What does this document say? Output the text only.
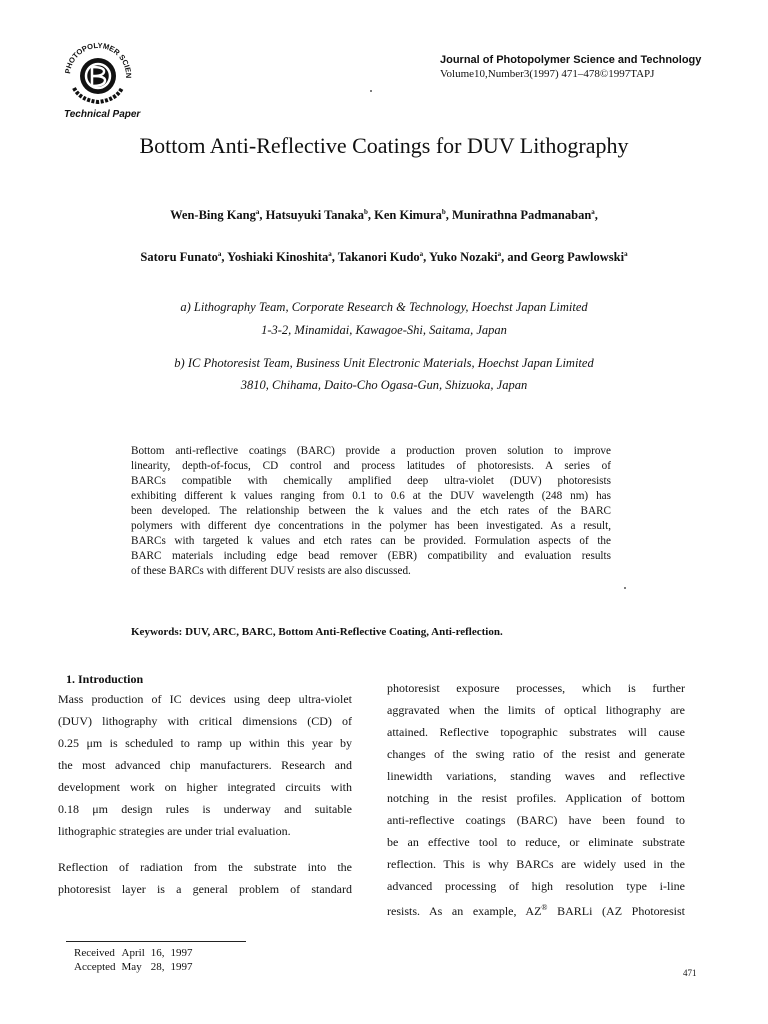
PHOTOPOLYMER SCIEN
Technical Paper
Journal of Photopolymer Science and Technology
Volume10,Number3(1997) 471–478©1997TAPJ
Bottom Anti-Reflective Coatings for DUV Lithography
Wen-Bing Kang$^a$, Hatsuyuki Tanaka$^b$, Ken Kimura$^b$, Munirathna Padmanaban$^a$,
Satoru Funato$^a$, Yoshiaki Kinoshita$^a$, Takanori Kudo$^a$, Yuko Nozaki$^a$, and Georg Pawlowski$^a$
a) Lithography Team, Corporate Research & Technology, Hoechst Japan Limited
1-3-2, Minamidai, Kawagoe-Shi, Saitama, Japan
b) IC Photoresist Team, Business Unit Electronic Materials, Hoechst Japan Limited
3810, Chihama, Daito-Cho Ogasa-Gun, Shizuoka, Japan
Bottom anti-reflective coatings (BARC) provide a production proven solution to improve
linearity, depth-of-focus, CD control and process latitudes of photoresists. A series of
BARCs compatible with chemically amplified deep ultra-violet (DUV) photoresists
exhibiting different k values ranging from 0.1 to 0.6 at the DUV wavelength (248 nm) has
been developed. The relationship between the k values and the etch rates of the BARC
polymers with different dye concentrations in the polymer has been investigated. As a result,
BARCs with targeted k values and etch rates can be provided. Formulation aspects of the
BARC materials including edge bead remover (EBR) compatibility and evaluation results
of these BARCs with different DUV resists are also discussed.
Keywords: DUV, ARC, BARC, Bottom Anti-Reflective Coating, Anti-reflection.
1. Introduction
Mass production of IC devices using deep ultra-violet
(DUV) lithography with critical dimensions (CD) of
0.25 μm is scheduled to ramp up within this year by
the most advanced chip manufacturers. Research and
development work on higher integrated circuits with
0.18 μm design rules is underway and suitable
lithographic strategies are under trial evaluation.
Reflection of radiation from the substrate into the
photoresist layer is a general problem of standard
photoresist exposure processes, which is further
aggravated when the limits of optical lithography are
attained. Reflective topographic substrates will cause
changes of the swing ratio of the resist and generate
linewidth variations, standing waves and reflective
notching in the resist profiles. Application of bottom
anti-reflective coatings (BARC) have been found to
be an effective tool to reduce, or eliminate substrate
reflection. This is why BARCs are widely used in the
advanced processing of high resolution type i-line
resists. As an example, AZ® BARLi (AZ Photoresist
Received	April	16,	1997
Accepted	May	28,	1997	471
